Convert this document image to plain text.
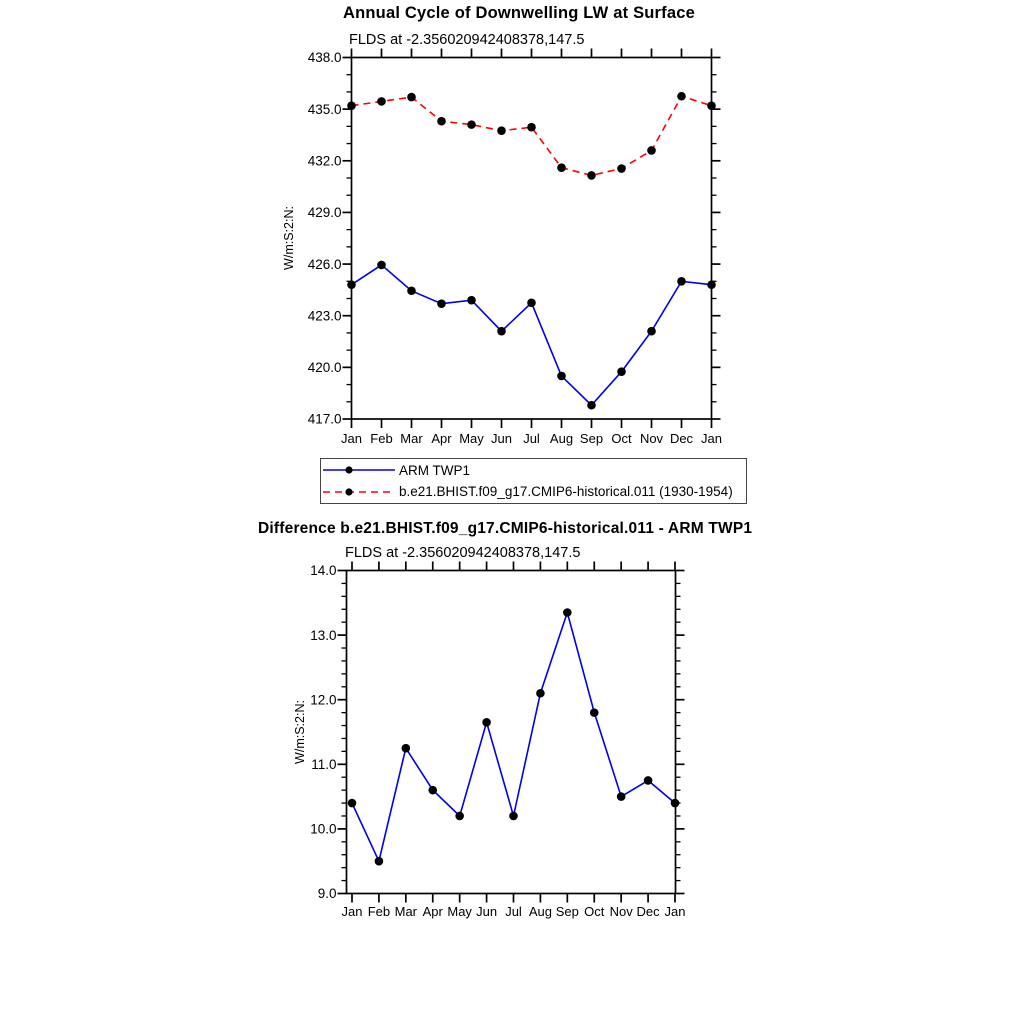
Annual Cycle of Downwelling LW at Surface
FLDS at -2.356020942408378,147.5
W/m:S:2:N:
Difference b.e21.BHIST.f09_g17.CMIP6-historical.011 - ARM TWP1
FLDS at -2.356020942408378,147.5
W/m:S:2:N:
417.0
420.0
423.0
426.0
429.0
432.0
435.0
438.0
Jan Feb Mar Apr May Jun Jul Aug Sep Oct Nov Dec Jan
9.0
10.0
11.0
12.0
13.0
14.0
Jan Feb Mar Apr May Jun Jul Aug Sep Oct Nov Dec Jan
ARM TWP1
b.e21.BHIST.f09_g17.CMIP6-historical.011 (1930-1954)
